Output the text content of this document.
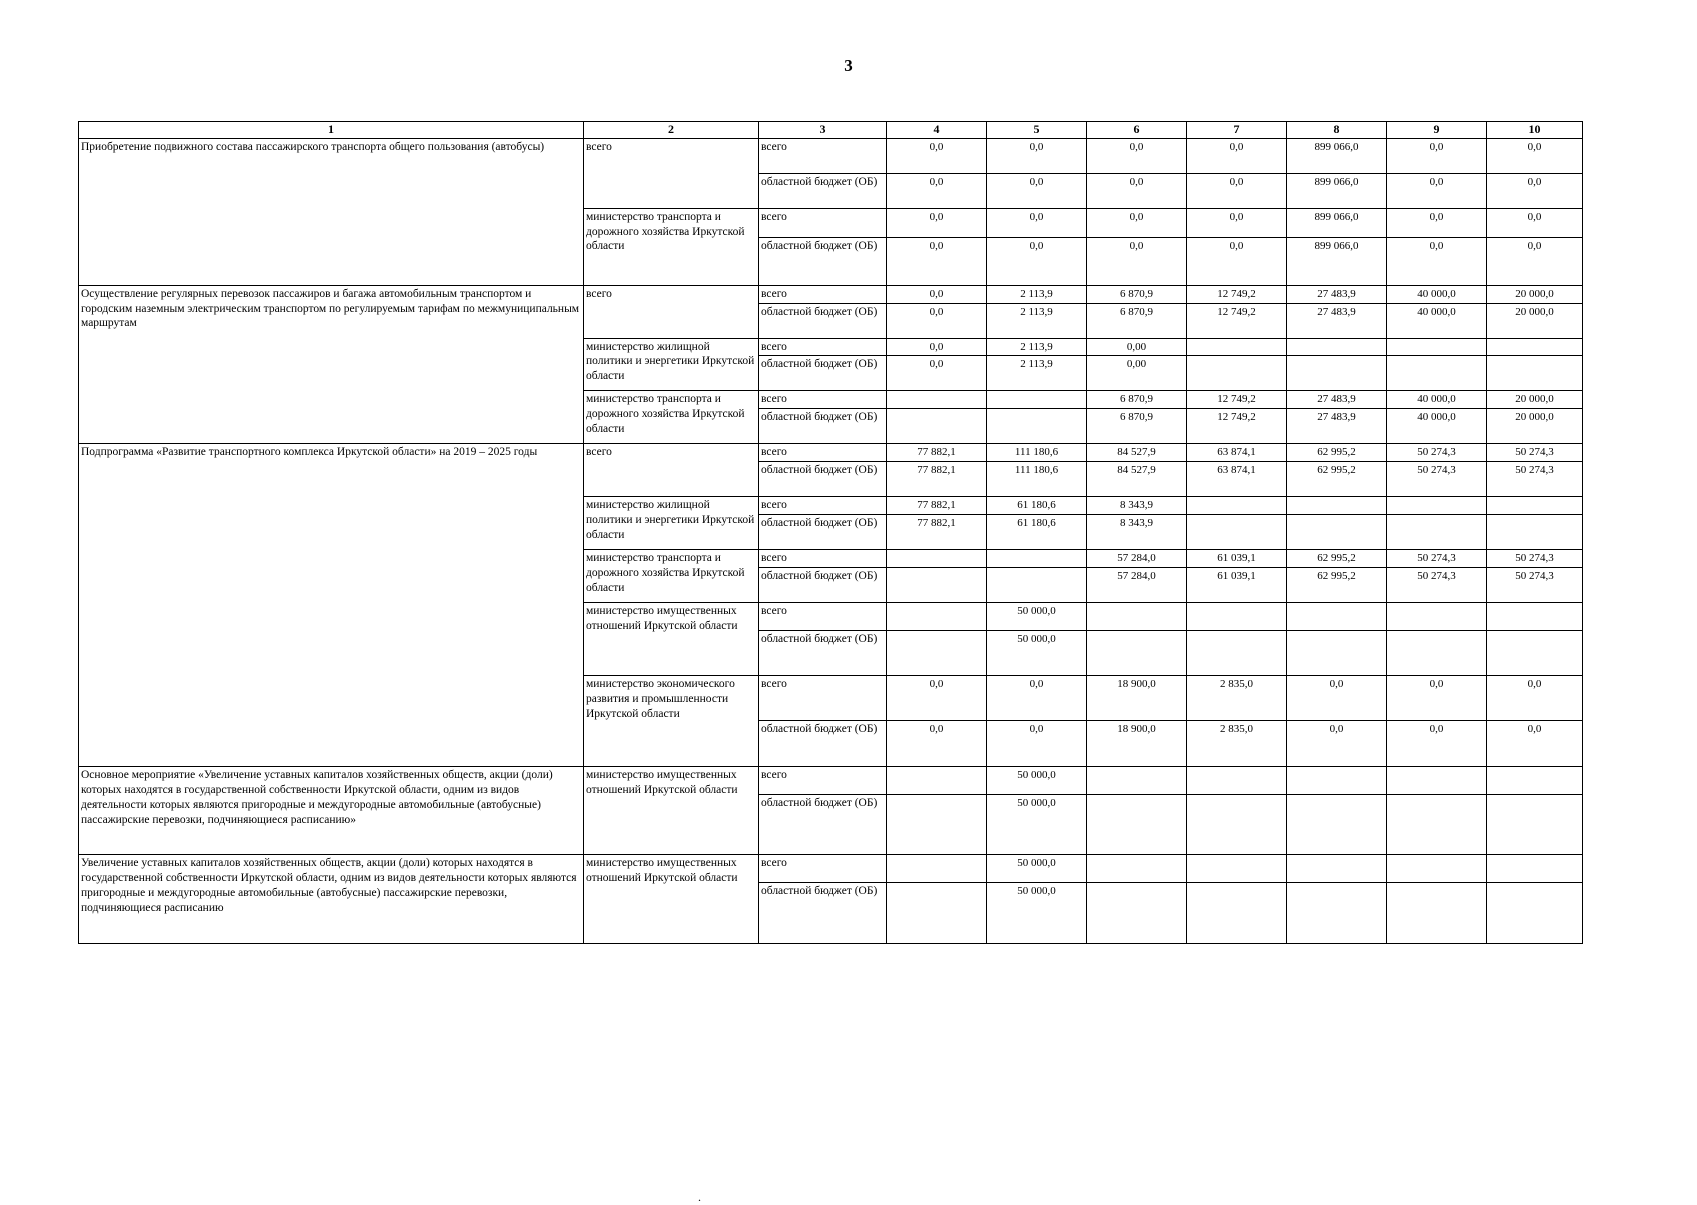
3
1	2	3	4	5	6	7	8	9	10
Приобретение подвижного состава пассажирского транспорта общего пользования (автобусы)	всего	всего	0,0	0,0	0,0	0,0	899 066,0	0,0	0,0
		областной бюджет (ОБ)	0,0	0,0	0,0	0,0	899 066,0	0,0	0,0
	министерство транспорта и дорожного хозяйства Иркутской области	всего	0,0	0,0	0,0	0,0	899 066,0	0,0	0,0
		областной бюджет (ОБ)	0,0	0,0	0,0	0,0	899 066,0	0,0	0,0
Осуществление регулярных перевозок пассажиров и багажа автомобильным транспортом и городским наземным электрическим транспортом по регулируемым тарифам по межмуниципальным маршрутам	всего	всего	0,0	2 113,9	6 870,9	12 749,2	27 483,9	40 000,0	20 000,0
		областной бюджет (ОБ)	0,0	2 113,9	6 870,9	12 749,2	27 483,9	40 000,0	20 000,0
	министерство жилищной политики и энергетики Иркутской области	всего	0,0	2 113,9	0,00				
		областной бюджет (ОБ)	0,0	2 113,9	0,00				
	министерство транспорта и дорожного хозяйства Иркутской области	всего			6 870,9	12 749,2	27 483,9	40 000,0	20 000,0
		областной бюджет (ОБ)			6 870,9	12 749,2	27 483,9	40 000,0	20 000,0
Подпрограмма «Развитие транспортного комплекса Иркутской области» на 2019 – 2025 годы	всего	всего	77 882,1	111 180,6	84 527,9	63 874,1	62 995,2	50 274,3	50 274,3
		областной бюджет (ОБ)	77 882,1	111 180,6	84 527,9	63 874,1	62 995,2	50 274,3	50 274,3
	министерство жилищной политики и энергетики Иркутской области	всего	77 882,1	61 180,6	8 343,9				
		областной бюджет (ОБ)	77 882,1	61 180,6	8 343,9				
	министерство транспорта и дорожного хозяйства Иркутской области	всего			57 284,0	61 039,1	62 995,2	50 274,3	50 274,3
		областной бюджет (ОБ)			57 284,0	61 039,1	62 995,2	50 274,3	50 274,3
	министерство имущественных отношений Иркутской области	всего		50 000,0					
		областной бюджет (ОБ)		50 000,0					
	министерство экономического развития и промышленности Иркутской области	всего	0,0	0,0	18 900,0	2 835,0	0,0	0,0	0,0
		областной бюджет (ОБ)	0,0	0,0	18 900,0	2 835,0	0,0	0,0	0,0
Основное мероприятие «Увеличение уставных капиталов хозяйственных обществ, акции (доли) которых находятся в государственной собственности Иркутской области, одним из видов деятельности которых являются пригородные и междугородные автомобильные (автобусные) пассажирские перевозки, подчиняющиеся расписанию»	министерство имущественных отношений Иркутской области	всего		50 000,0					
		областной бюджет (ОБ)		50 000,0					
Увеличение уставных капиталов хозяйственных обществ, акции (доли) которых находятся в государственной собственности Иркутской области, одним из видов деятельности которых являются пригородные и междугородные автомобильные (автобусные) пассажирские перевозки, подчиняющиеся расписанию	министерство имущественных отношений Иркутской области	всего		50 000,0					
		областной бюджет (ОБ)		50 000,0					
.
